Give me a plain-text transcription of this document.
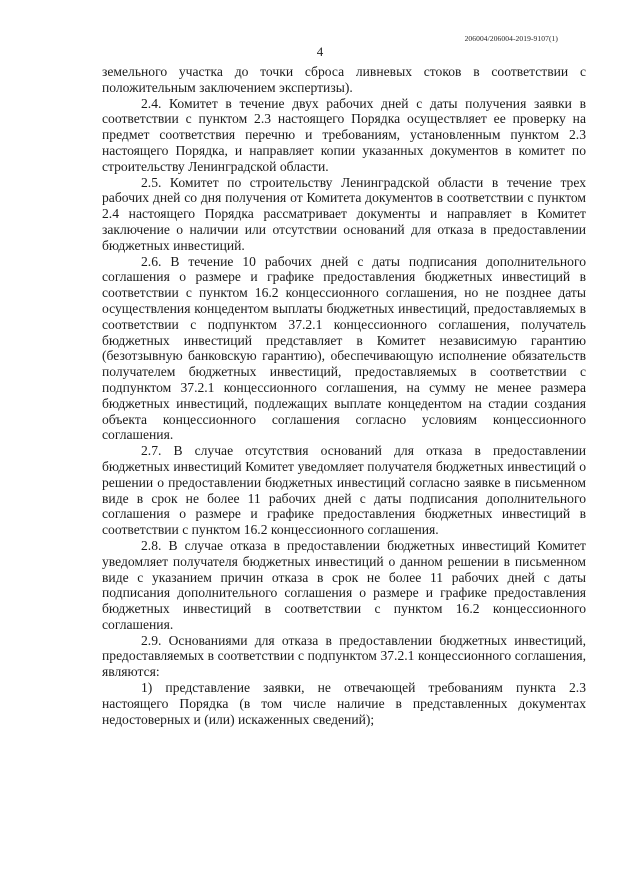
206004/206004-2019-9107(1)
4

земельного участка до точки сброса ливневых стоков в соответствии с положительным заключением экспертизы).

2.4. Комитет в течение двух рабочих дней с даты получения заявки в соответствии с пунктом 2.3 настоящего Порядка осуществляет ее проверку на предмет соответствия перечню и требованиям, установленным пунктом 2.3 настоящего Порядка, и направляет копии указанных документов в комитет по строительству Ленинградской области.

2.5. Комитет по строительству Ленинградской области в течение трех рабочих дней со дня получения от Комитета документов в соответствии с пунктом 2.4 настоящего Порядка рассматривает документы и направляет в Комитет заключение о наличии или отсутствии оснований для отказа в предоставлении бюджетных инвестиций.

2.6. В течение 10 рабочих дней с даты подписания дополнительного соглашения о размере и графике предоставления бюджетных инвестиций в соответствии с пунктом 16.2 концессионного соглашения, но не позднее даты осуществления концедентом выплаты бюджетных инвестиций, предоставляемых в соответствии с подпунктом 37.2.1 концессионного соглашения, получатель бюджетных инвестиций представляет в Комитет независимую гарантию (безотзывную банковскую гарантию), обеспечивающую исполнение обязательств получателем бюджетных инвестиций, предоставляемых в соответствии с подпунктом 37.2.1 концессионного соглашения, на сумму не менее размера бюджетных инвестиций, подлежащих выплате концедентом на стадии создания объекта концессионного соглашения согласно условиям концессионного соглашения.

2.7. В случае отсутствия оснований для отказа в предоставлении бюджетных инвестиций Комитет уведомляет получателя бюджетных инвестиций о решении о предоставлении бюджетных инвестиций согласно заявке в письменном виде в срок не более 11 рабочих дней с даты подписания дополнительного соглашения о размере и графике предоставления бюджетных инвестиций в соответствии с пунктом 16.2 концессионного соглашения.

2.8. В случае отказа в предоставлении бюджетных инвестиций Комитет уведомляет получателя бюджетных инвестиций о данном решении в письменном виде с указанием причин отказа в срок не более 11 рабочих дней с даты подписания дополнительного соглашения о размере и графике предоставления бюджетных инвестиций в соответствии с пунктом 16.2 концессионного соглашения.

2.9. Основаниями для отказа в предоставлении бюджетных инвестиций, предоставляемых в соответствии с подпунктом 37.2.1 концессионного соглашения, являются:

1) представление заявки, не отвечающей требованиям пункта 2.3 настоящего Порядка (в том числе наличие в представленных документах недостоверных и (или) искаженных сведений);
